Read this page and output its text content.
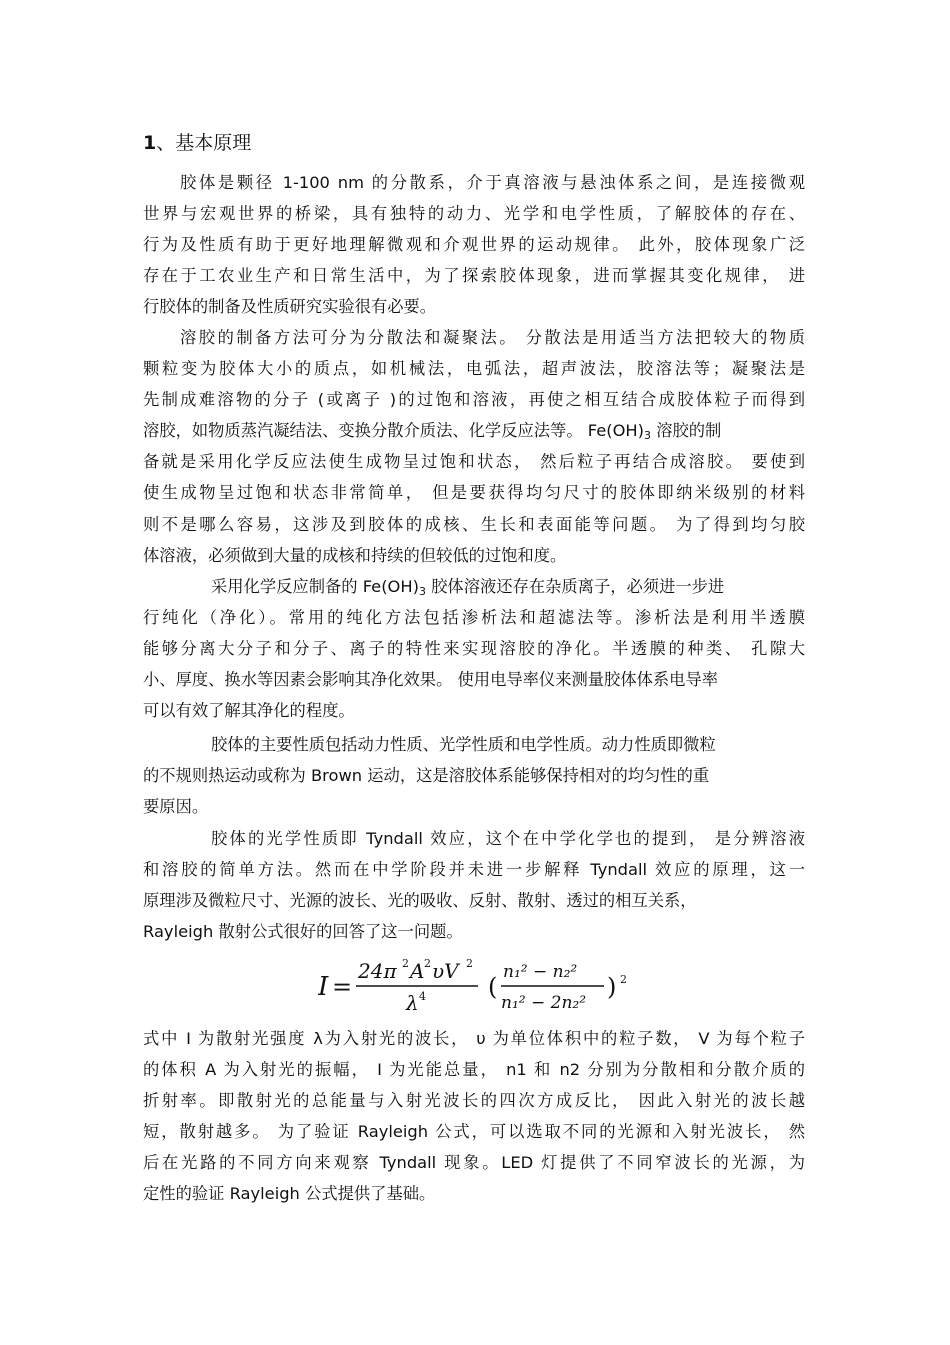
1、基本原理
胶体是颗径 1-100 nm 的分散系，介于真溶液与悬浊体系之间，是连接微观
世界与宏观世界的桥梁，具有独特的动力、光学和电学性质，了解胶体的存在、
行为及性质有助于更好地理解微观和介观世界的运动规律。 此外，胶体现象广泛
存在于工农业生产和日常生活中，为了探索胶体现象，进而掌握其变化规律， 进
行胶体的制备及性质研究实验很有必要。
溶胶的制备方法可分为分散法和凝聚法。 分散法是用适当方法把较大的物质
颗粒变为胶体大小的质点，如机械法，电弧法，超声波法，胶溶法等；凝聚法是
先制成难溶物的分子 (或离子 )的过饱和溶液，再使之相互结合成胶体粒子而得到
溶胶，如物质蒸汽凝结法、变换分散介质法、化学反应法等。 $Fe(OH)_3$ 溶胶的制
备就是采用化学反应法使生成物呈过饱和状态， 然后粒子再结合成溶胶。 要使到
使生成物呈过饱和状态非常简单， 但是要获得均匀尺寸的胶体即纳米级别的材料
则不是哪么容易，这涉及到胶体的成核、生长和表面能等问题。 为了得到均匀胶
体溶液，必须做到大量的成核和持续的但较低的过饱和度。
采用化学反应制备的 $Fe(OH)_3$ 胶体溶液还存在杂质离子，必须进一步进
行纯化（净化）。常用的纯化方法包括渗析法和超滤法等。渗析法是利用半透膜
能够分离大分子和分子、离子的特性来实现溶胶的净化。半透膜的种类、 孔隙大
小、厚度、换水等因素会影响其净化效果。 使用电导率仪来测量胶体体系电导率
可以有效了解其净化的程度。
胶体的主要性质包括动力性质、光学性质和电学性质。动力性质即微粒
的不规则热运动或称为 Brown 运动，这是溶胶体系能够保持相对的均匀性的重
要原因。
胶体的光学性质即 Tyndall 效应，这个在中学化学也的提到， 是分辨溶液
和溶胶的简单方法。然而在中学阶段并未进一步解释 Tyndall 效应的原理，这一
原理涉及微粒尺寸、光源的波长、光的吸收、反射、散射、透过的相互关系，
Rayleigh 散射公式很好的回答了这一问题。
I =
24π 2 A 2 υV 2
λ 4	(
n₁² − n₂²
n₁² − 2n₂²
) 2
式中 I 为散射光强度 λ为入射光的波长， υ 为单位体积中的粒子数， V 为每个粒子
的体积 A 为入射光的振幅， I 为光能总量， n1 和 n2 分别为分散相和分散介质的
折射率。即散射光的总能量与入射光波长的四次方成反比， 因此入射光的波长越
短，散射越多。 为了验证 Rayleigh 公式，可以选取不同的光源和入射光波长， 然
后在光路的不同方向来观察 Tyndall 现象。LED 灯提供了不同窄波长的光源，为
定性的验证 Rayleigh 公式提供了基础。
